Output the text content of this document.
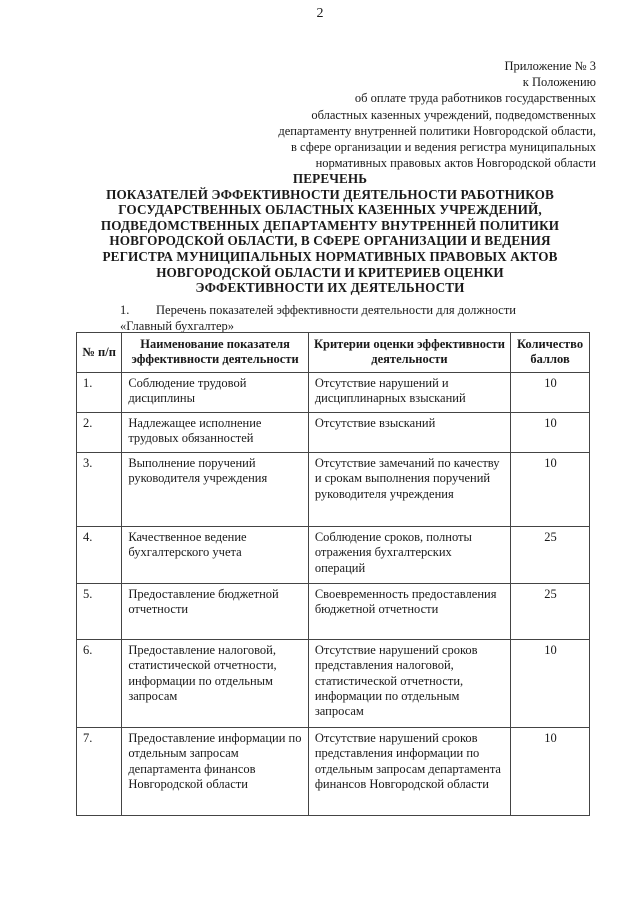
2
Приложение № 3
к Положению
об оплате труда работников государственных
областных казенных учреждений, подведомственных
департаменту внутренней политики Новгородской области,
в сфере организации и ведения регистра муниципальных
нормативных правовых актов Новгородской области
ПЕРЕЧЕНЬ
ПОКАЗАТЕЛЕЙ ЭФФЕКТИВНОСТИ ДЕЯТЕЛЬНОСТИ РАБОТНИКОВ
ГОСУДАРСТВЕННЫХ ОБЛАСТНЫХ КАЗЕННЫХ УЧРЕЖДЕНИЙ,
ПОДВЕДОМСТВЕННЫХ ДЕПАРТАМЕНТУ ВНУТРЕННЕЙ ПОЛИТИКИ
НОВГОРОДСКОЙ ОБЛАСТИ, В СФЕРЕ ОРГАНИЗАЦИИ И ВЕДЕНИЯ
РЕГИСТРА МУНИЦИПАЛЬНЫХ НОРМАТИВНЫХ ПРАВОВЫХ АКТОВ
НОВГОРОДСКОЙ ОБЛАСТИ И КРИТЕРИЕВ ОЦЕНКИ
ЭФФЕКТИВНОСТИ ИХ ДЕЯТЕЛЬНОСТИ
1. Перечень показателей эффективности деятельности для должности
«Главный бухгалтер»
№ п/п	Наименование показателя эффективности деятельности	Критерии оценки эффективности деятельности	Количество баллов
1.	Соблюдение трудовой дисциплины	Отсутствие нарушений и дисциплинарных взысканий	10
2.	Надлежащее исполнение трудовых обязанностей	Отсутствие взысканий	10
3.	Выполнение поручений руководителя учреждения	Отсутствие замечаний по качеству и срокам выполнения поручений руководителя учреждения	10
4.	Качественное ведение бухгалтерского учета	Соблюдение сроков, полноты отражения бухгалтерских операций	25
5.	Предоставление бюджетной отчетности	Своевременность предоставления бюджетной отчетности	25
6.	Предоставление налоговой, статистической отчетности, информации по отдельным запросам	Отсутствие нарушений сроков представления налоговой, статистической отчетности, информации по отдельным запросам	10
7.	Предоставление информации по отдельным запросам департамента финансов Новгородской области	Отсутствие нарушений сроков представления информации по отдельным запросам департамента финансов Новгородской области	10
